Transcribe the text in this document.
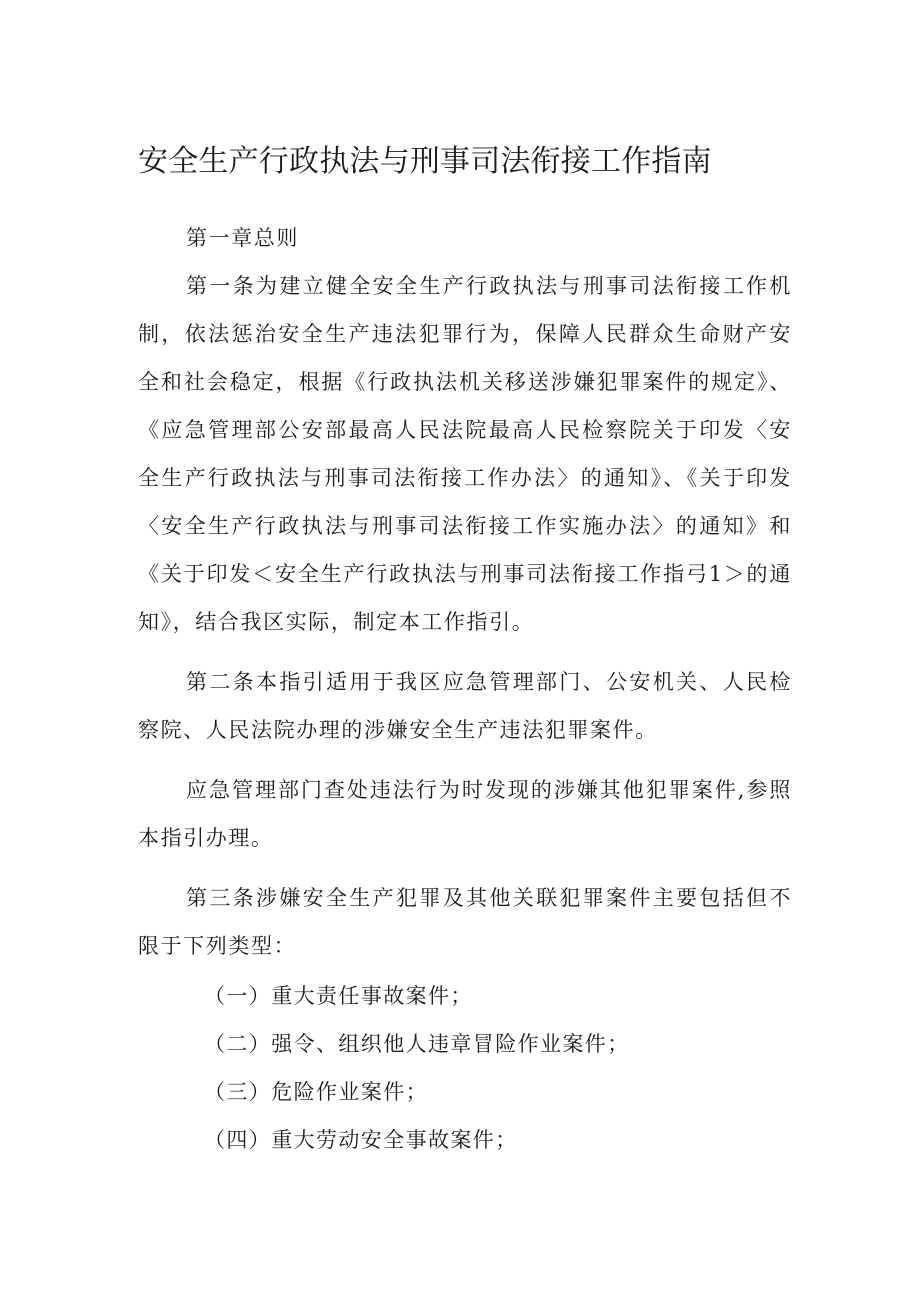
安全生产行政执法与刑事司法衔接工作指南

第一章总则

第一条为建立健全安全生产行政执法与刑事司法衔接工作机制，依法惩治安全生产违法犯罪行为，保障人民群众生命财产安全和社会稳定，根据《行政执法机关移送涉嫌犯罪案件的规定》、《应急管理部公安部最高人民法院最高人民检察院关于印发〈安全生产行政执法与刑事司法衔接工作办法〉的通知》、《关于印发〈安全生产行政执法与刑事司法衔接工作实施办法〉的通知》和《关于印发＜安全生产行政执法与刑事司法衔接工作指弓1＞的通知》，结合我区实际，制定本工作指引。

第二条本指引适用于我区应急管理部门、公安机关、人民检察院、人民法院办理的涉嫌安全生产违法犯罪案件。

应急管理部门查处违法行为时发现的涉嫌其他犯罪案件,参照本指引办理。

第三条涉嫌安全生产犯罪及其他关联犯罪案件主要包括但不限于下列类型：

（一）重大责任事故案件；

（二）强令、组织他人违章冒险作业案件；

（三）危险作业案件；

（四）重大劳动安全事故案件；
